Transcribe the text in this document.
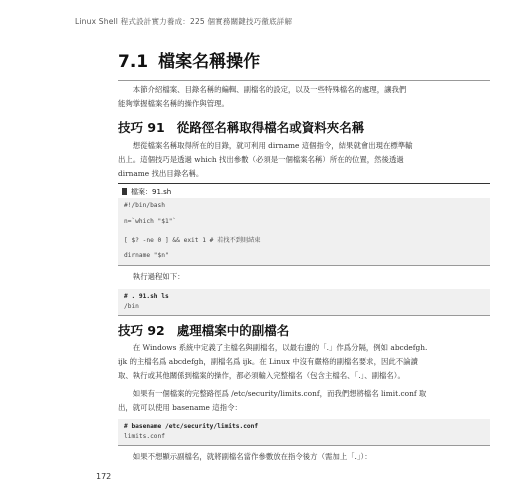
Linux Shell 程式設計實力養成：225 個實務關鍵技巧徹底詳解
7.1 檔案名稱操作

本節介紹檔案、目錄名稱的編輯、副檔名的設定，以及一些特殊檔名的處理，讓我們

能夠掌握檔案名稱的操作與管理。

技巧 91 從路徑名稱取得檔名或資料夾名稱

想從檔案名稱取得所在的目錄，就可利用 dirname 這個指令，結果就會出現在標準輸

出上。這個技巧是透過 which 找出參數（必須是一個檔案名稱）所在的位置，然後透過

dirname 找出目錄名稱。

檔案：91.sh
#!/bin/bash
n=`which "$1"`
[ $? -ne 0 ] && exit 1 # 若找不到則結束
dirname "$n"

執行過程如下：

# . 91.sh ls
/bin
技巧 92 處理檔案中的副檔名

在 Windows 系統中定義了主檔名與副檔名，以最右邊的「.」作爲分隔，例如 abcdefgh.

ijk 的主檔名爲 abcdefgh，副檔名爲 ijk。在 Linux 中沒有嚴格的副檔名要求，因此不論讀

取、執行或其他關係到檔案的操作，都必須輸入完整檔名（包含主檔名、「.」、副檔名）。

如果有一個檔案的完整路徑爲 /etc/security/limits.conf，而我們想將檔名 limit.conf 取

出，就可以使用 basename 這指令：

# basename /etc/security/limits.conf
limits.conf

如果不想顯示副檔名，就將副檔名當作參數放在指令後方（需加上「.」）：

172
